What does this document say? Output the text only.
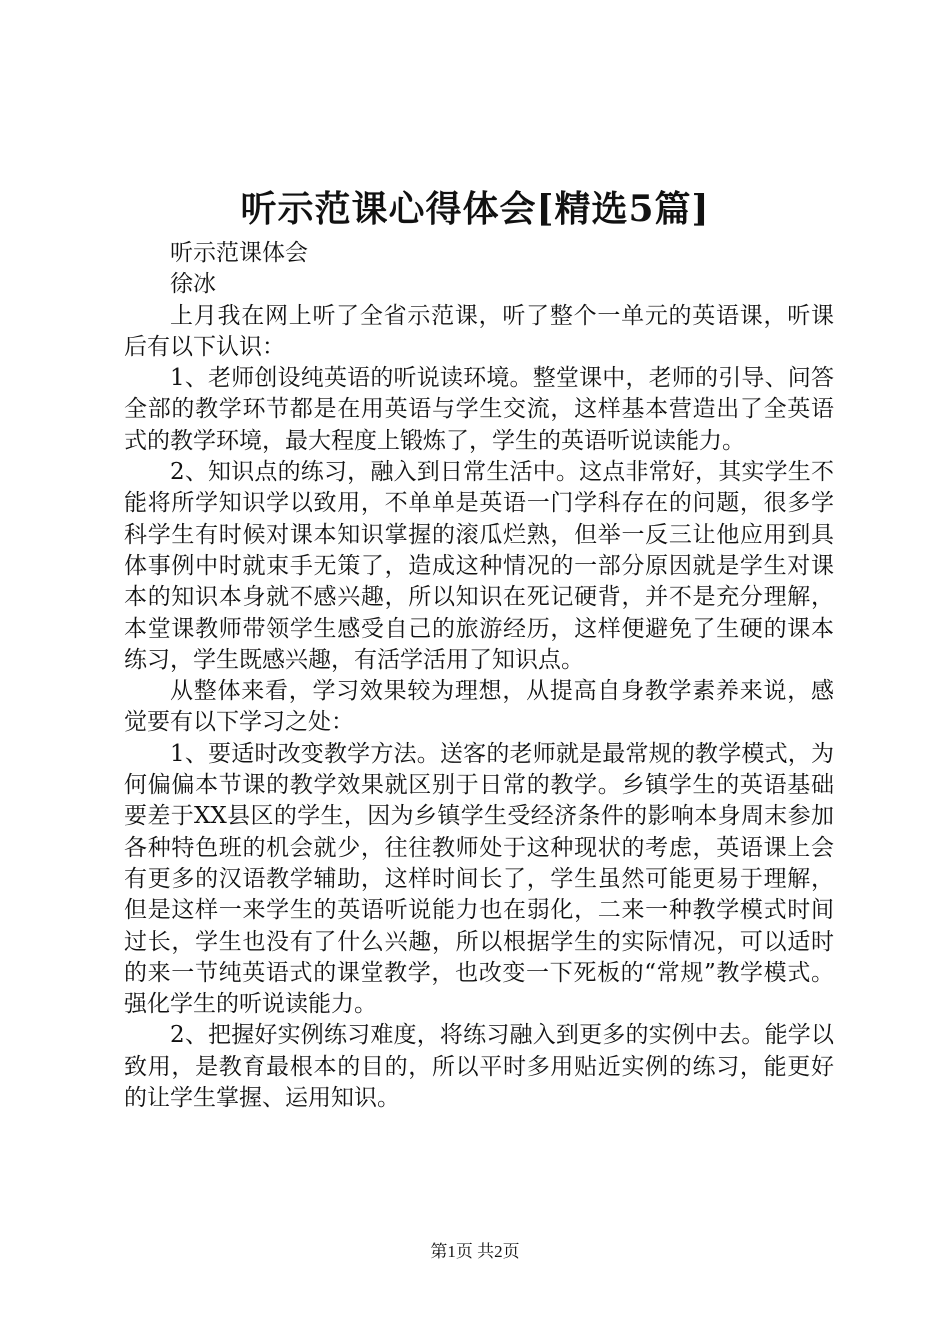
听示范课心得体会[精选5篇]

听示范课体会

徐冰

上月我在网上听了全省示范课，听了整个一单元的英语课，听课后有以下认识：

1、老师创设纯英语的听说读环境。整堂课中，老师的引导、问答全部的教学环节都是在用英语与学生交流，这样基本营造出了全英语式的教学环境，最大程度上锻炼了，学生的英语听说读能力。

2、知识点的练习，融入到日常生活中。这点非常好，其实学生不能将所学知识学以致用，不单单是英语一门学科存在的问题，很多学科学生有时候对课本知识掌握的滚瓜烂熟，但举一反三让他应用到具体事例中时就束手无策了，造成这种情况的一部分原因就是学生对课本的知识本身就不感兴趣，所以知识在死记硬背，并不是充分理解，本堂课教师带领学生感受自己的旅游经历，这样便避免了生硬的课本练习，学生既感兴趣，有活学活用了知识点。

从整体来看，学习效果较为理想，从提高自身教学素养来说，感觉要有以下学习之处：

1、要适时改变教学方法。送客的老师就是最常规的教学模式，为何偏偏本节课的教学效果就区别于日常的教学。乡镇学生的英语基础要差于XX县区的学生，因为乡镇学生受经济条件的影响本身周末参加各种特色班的机会就少，往往教师处于这种现状的考虑，英语课上会有更多的汉语教学辅助，这样时间长了，学生虽然可能更易于理解，但是这样一来学生的英语听说能力也在弱化，二来一种教学模式时间过长，学生也没有了什么兴趣，所以根据学生的实际情况，可以适时的来一节纯英语式的课堂教学，也改变一下死板的“常规”教学模式。强化学生的听说读能力。

2、把握好实例练习难度，将练习融入到更多的实例中去。能学以致用，是教育最根本的目的，所以平时多用贴近实例的练习，能更好的让学生掌握、运用知识。

第1页 共2页
